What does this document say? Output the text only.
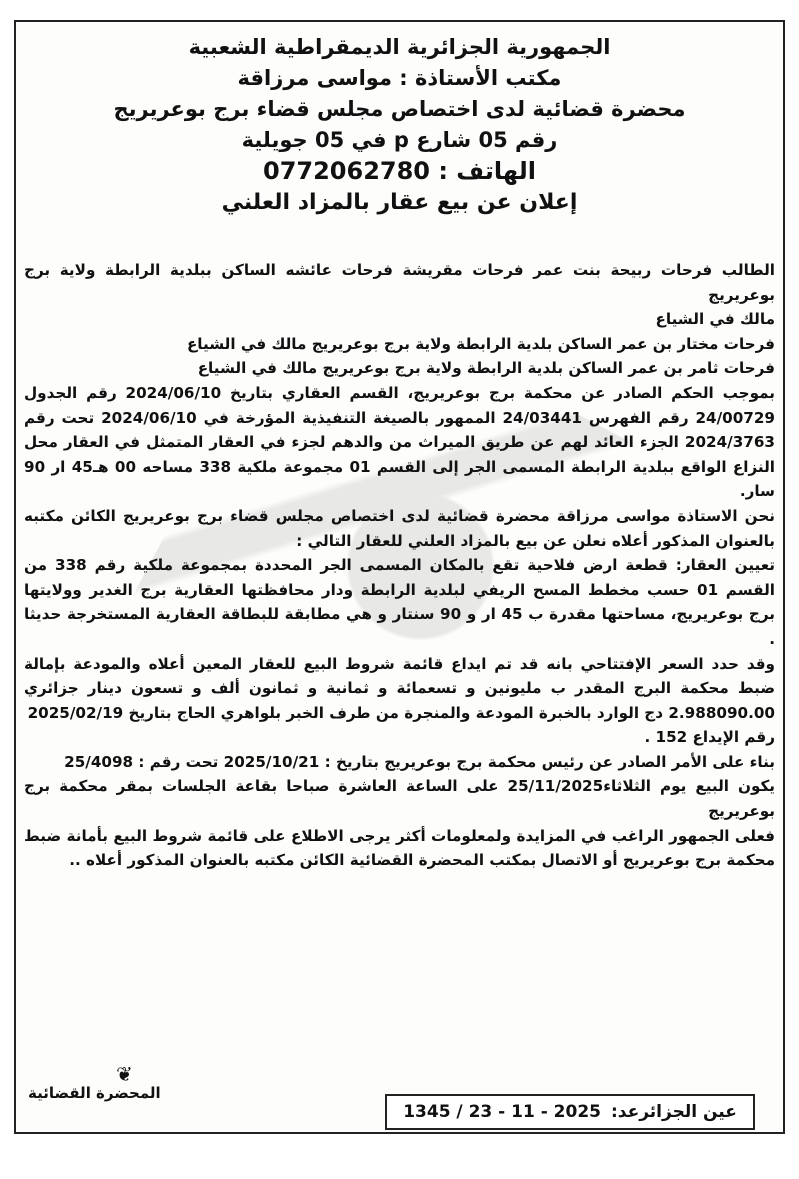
الجمهورية الجزائرية الديمقراطية الشعبية
مكتب الأستاذة : مواسى مرزاقة
محضرة قضائية لدى اختصاص مجلس قضاء برج بوعريريج
رقم 05 شارع p في 05 جويلية
الهاتف : 0772062780
إعلان عن بيع عقار بالمزاد العلني
الطالب فرحات ربيحة بنت عمر فرحات مقريشة فرحات عائشه الساكن ببلدية الرابطة ولاية برج بوعريريج
مالك في الشياع
فرحات مختار بن عمر الساكن بلدية الرابطة ولاية برج بوعريريج مالك في الشياع
فرحات ثامر بن عمر الساكن بلدية الرابطة ولاية برج بوعريريج مالك في الشياع
بموجب الحكم الصادر عن محكمة برج بوعريريج، القسم العقاري بتاريخ 2024/06/10 رقم الجدول 24/00729 رقم الفهرس 24/03441 الممهور بالصيغة التنفيذية المؤرخة في 2024/06/10 تحت رقم 2024/3763 الجزء العائد لهم عن طريق الميراث من والدهم لجزء في العقار المتمثل في العقار محل النزاع الواقع ببلدية الرابطة المسمى الجر إلى القسم 01 مجموعة ملكية 338 مساحه 00 هـ45 ار 90 سار.
نحن الاستاذة مواسى مرزاقة محضرة قضائية لدى اختصاص مجلس قضاء برج بوعريريج الكائن مكتبه بالعنوان المذكور أعلاه نعلن عن بيع بالمزاد العلني للعقار التالي :
تعيين العقار: قطعة ارض فلاحية تقع بالمكان المسمى الجر المحددة بمجموعة ملكية رقم 338 من القسم 01 حسب مخطط المسح الريفي لبلدية الرابطة ودار محافظتها العقارية برج الغدير وولايتها برج بوعريريج، مساحتها مقدرة ب 45 ار و 90 سنتار و هي مطابقة للبطاقة العقارية المستخرجة حديثا .
وقد حدد السعر الإفتتاحي بانه قد تم ايداع قائمة شروط البيع للعقار المعين أعلاه والمودعة بإمالة ضبط محكمة البرج المقدر ب مليونين و تسعمائة و ثمانية و ثمانون ألف و تسعون دينار جزائري 2.988090.00 دج الوارد بالخبرة المودعة والمنجرة من طرف الخبر بلواهري الحاج بتاريخ 2025/02/19
رقم الإيداع 152 .
بناء على الأمر الصادر عن رئيس محكمة برج بوعريريج بتاريخ : 2025/10/21 تحت رقم : 25/4098
يكون البيع يوم الثلاثاء25/11/2025 على الساعة العاشرة صباحا بقاعة الجلسات بمقر محكمة برج بوعريريج
فعلى الجمهور الراغب في المزايدة ولمعلومات أكثر يرجى الاطلاع على قائمة شروط البيع بأمانة ضبط محكمة برج بوعريريج أو الاتصال بمكتب المحضرة القضائية الكائن مكتبه بالعنوان المذكور أعلاه ..
❦
المحضرة القضائية
عين الجزائرعد:
1345 / 23 - 11 - 2025
